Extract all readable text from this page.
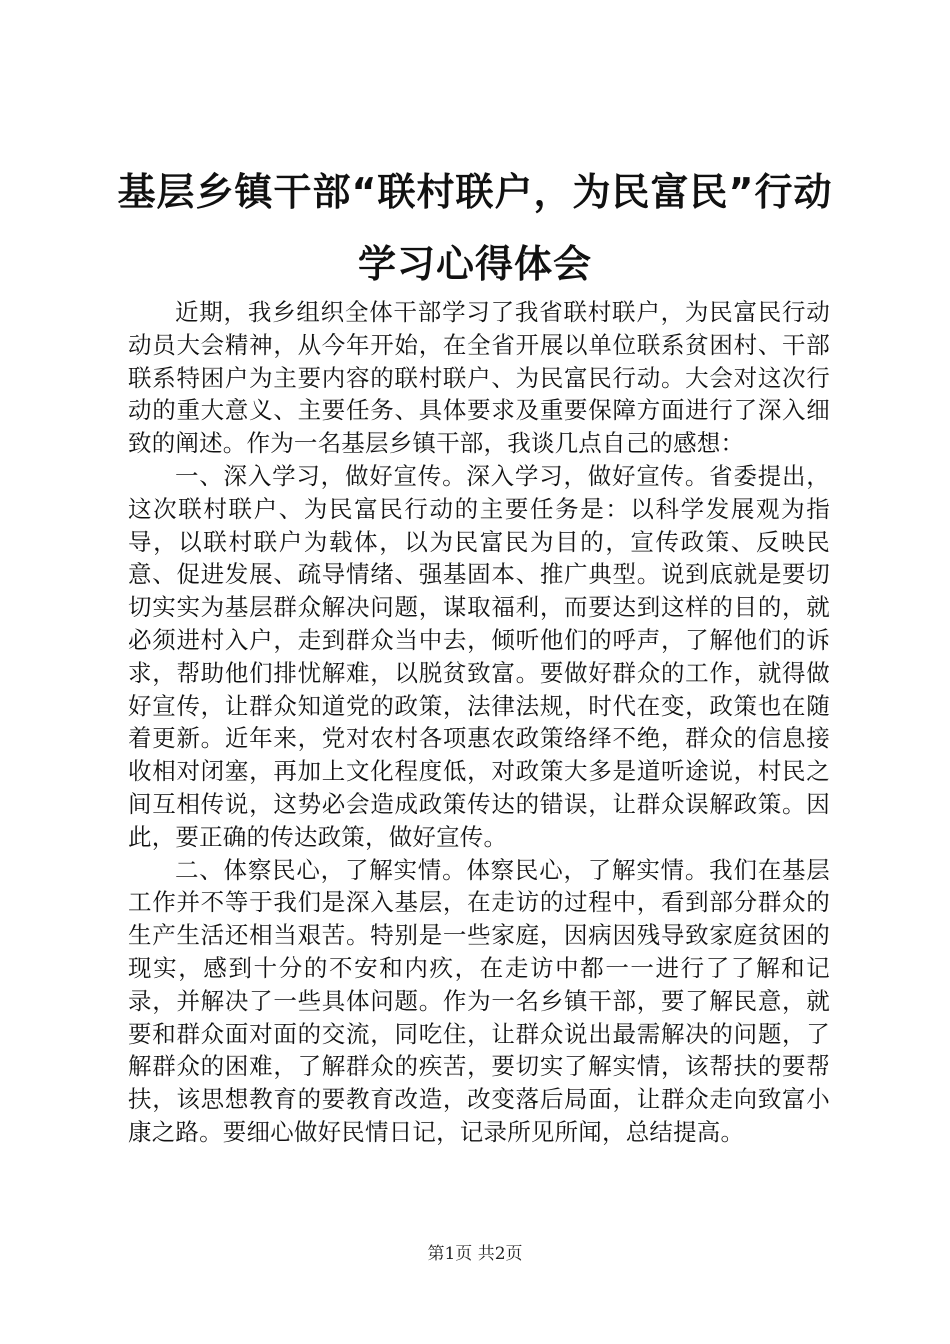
基层乡镇干部“联村联户，为民富民”行动学习心得体会

近期，我乡组织全体干部学习了我省联村联户，为民富民行动动员大会精神，从今年开始，在全省开展以单位联系贫困村、干部联系特困户为主要内容的联村联户、为民富民行动。大会对这次行动的重大意义、主要任务、具体要求及重要保障方面进行了深入细致的阐述。作为一名基层乡镇干部，我谈几点自己的感想：

一、深入学习，做好宣传。深入学习，做好宣传。省委提出，这次联村联户、为民富民行动的主要任务是：以科学发展观为指导，以联村联户为载体，以为民富民为目的，宣传政策、反映民意、促进发展、疏导情绪、强基固本、推广典型。说到底就是要切切实实为基层群众解决问题，谋取福利，而要达到这样的目的，就必须进村入户，走到群众当中去，倾听他们的呼声，了解他们的诉求，帮助他们排忧解难，以脱贫致富。要做好群众的工作，就得做好宣传，让群众知道党的政策，法律法规，时代在变，政策也在随着更新。近年来，党对农村各项惠农政策络绎不绝，群众的信息接收相对闭塞，再加上文化程度低，对政策大多是道听途说，村民之间互相传说，这势必会造成政策传达的错误，让群众误解政策。因此，要正确的传达政策，做好宣传。

二、体察民心，了解实情。体察民心，了解实情。我们在基层工作并不等于我们是深入基层，在走访的过程中，看到部分群众的生产生活还相当艰苦。特别是一些家庭，因病因残导致家庭贫困的现实，感到十分的不安和内疚，在走访中都一一进行了了解和记录，并解决了一些具体问题。作为一名乡镇干部，要了解民意，就要和群众面对面的交流，同吃住，让群众说出最需解决的问题，了解群众的困难，了解群众的疾苦，要切实了解实情，该帮扶的要帮扶，该思想教育的要教育改造，改变落后局面，让群众走向致富小康之路。要细心做好民情日记，记录所见所闻，总结提高。

第1页 共2页
